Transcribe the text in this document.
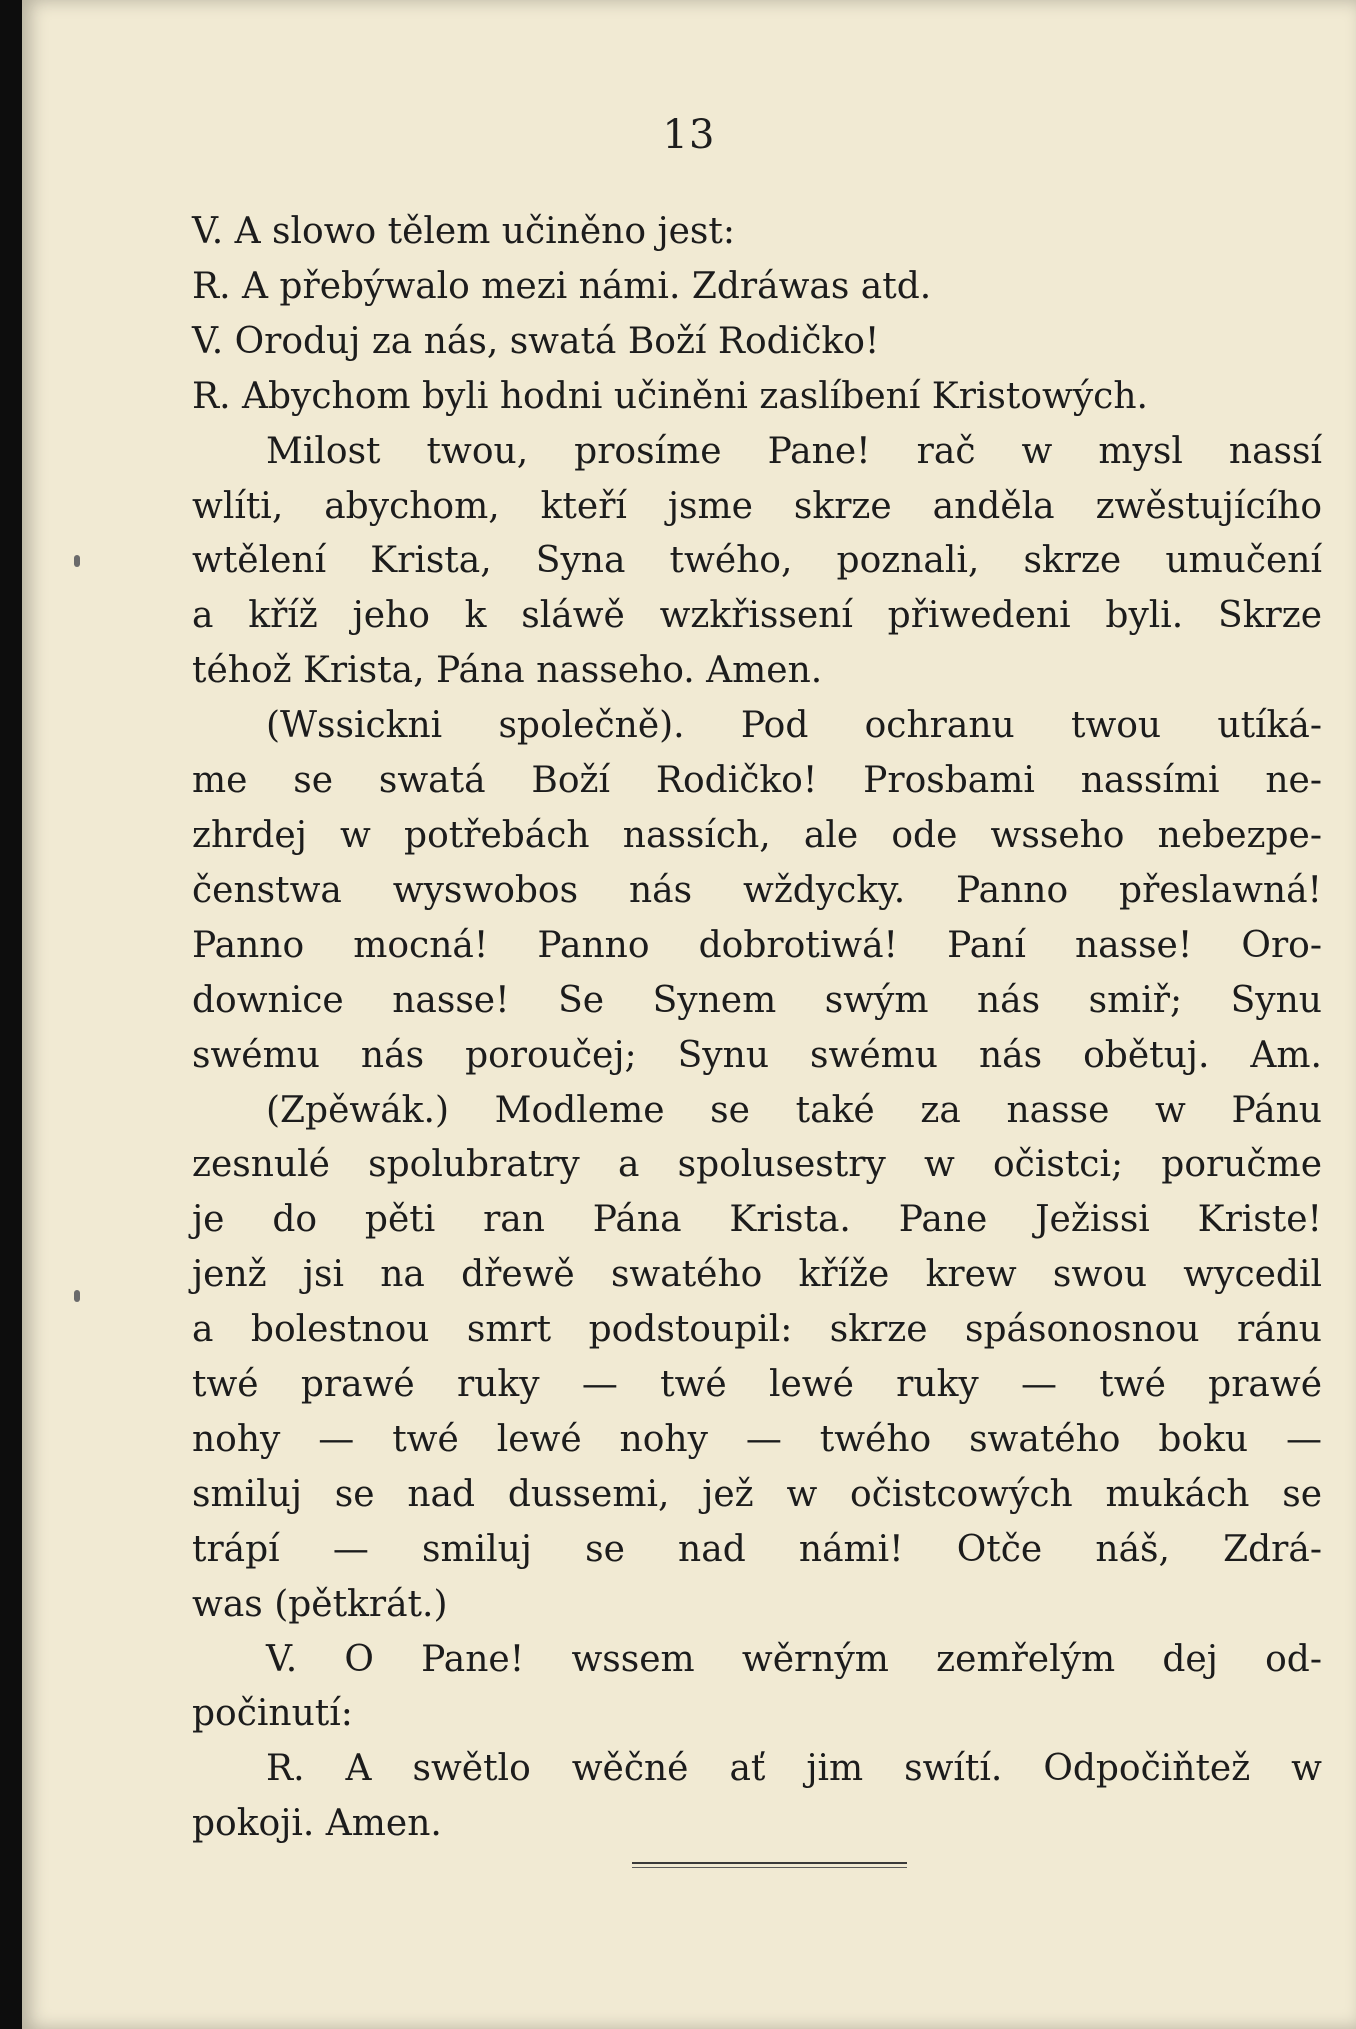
13
V. A slowo tělem učiněno jest:
R. A přebýwalo mezi námi. Zdráwas atd.
V. Oroduj za nás, swatá Boží Rodičko!
R. Abychom byli hodni učiněni zaslíbení Kristowých.
Milost twou, prosíme Pane! rač w mysl nassí
wlíti, abychom, kteří jsme skrze anděla zwěstujícího
wtělení Krista, Syna twého, poznali, skrze umučení
a kříž jeho k sláwě wzkřissení přiwedeni byli. Skrze
téhož Krista, Pána nasseho. Amen.
(Wssickni společně). Pod ochranu twou utíká-
me se swatá Boží Rodičko! Prosbami nassími ne-
zhrdej w potřebách nassích, ale ode wsseho nebezpe-
čenstwa wyswobos nás wždycky. Panno přeslawná!
Panno mocná! Panno dobrotiwá! Paní nasse! Oro-
downice nasse! Se Synem swým nás smiř; Synu
swému nás poroučej; Synu swému nás obětuj. Am.
(Zpěwák.) Modleme se také za nasse w Pánu
zesnulé spolubratry a spolusestry w očistci; poručme
je do pěti ran Pána Krista. Pane Ježissi Kriste!
jenž jsi na dřewě swatého kříže krew swou wycedil
a bolestnou smrt podstoupil: skrze spásonosnou ránu
twé prawé ruky — twé lewé ruky — twé prawé
nohy — twé lewé nohy — twého swatého boku —
smiluj se nad dussemi, jež w očistcowých mukách se
trápí — smiluj se nad námi! Otče náš, Zdrá-
was (pětkrát.)
V. O Pane! wssem wěrným zemřelým dej od-
počinutí:
R. A swětlo wěčné ať jim swítí. Odpočiňtež w
pokoji. Amen.
